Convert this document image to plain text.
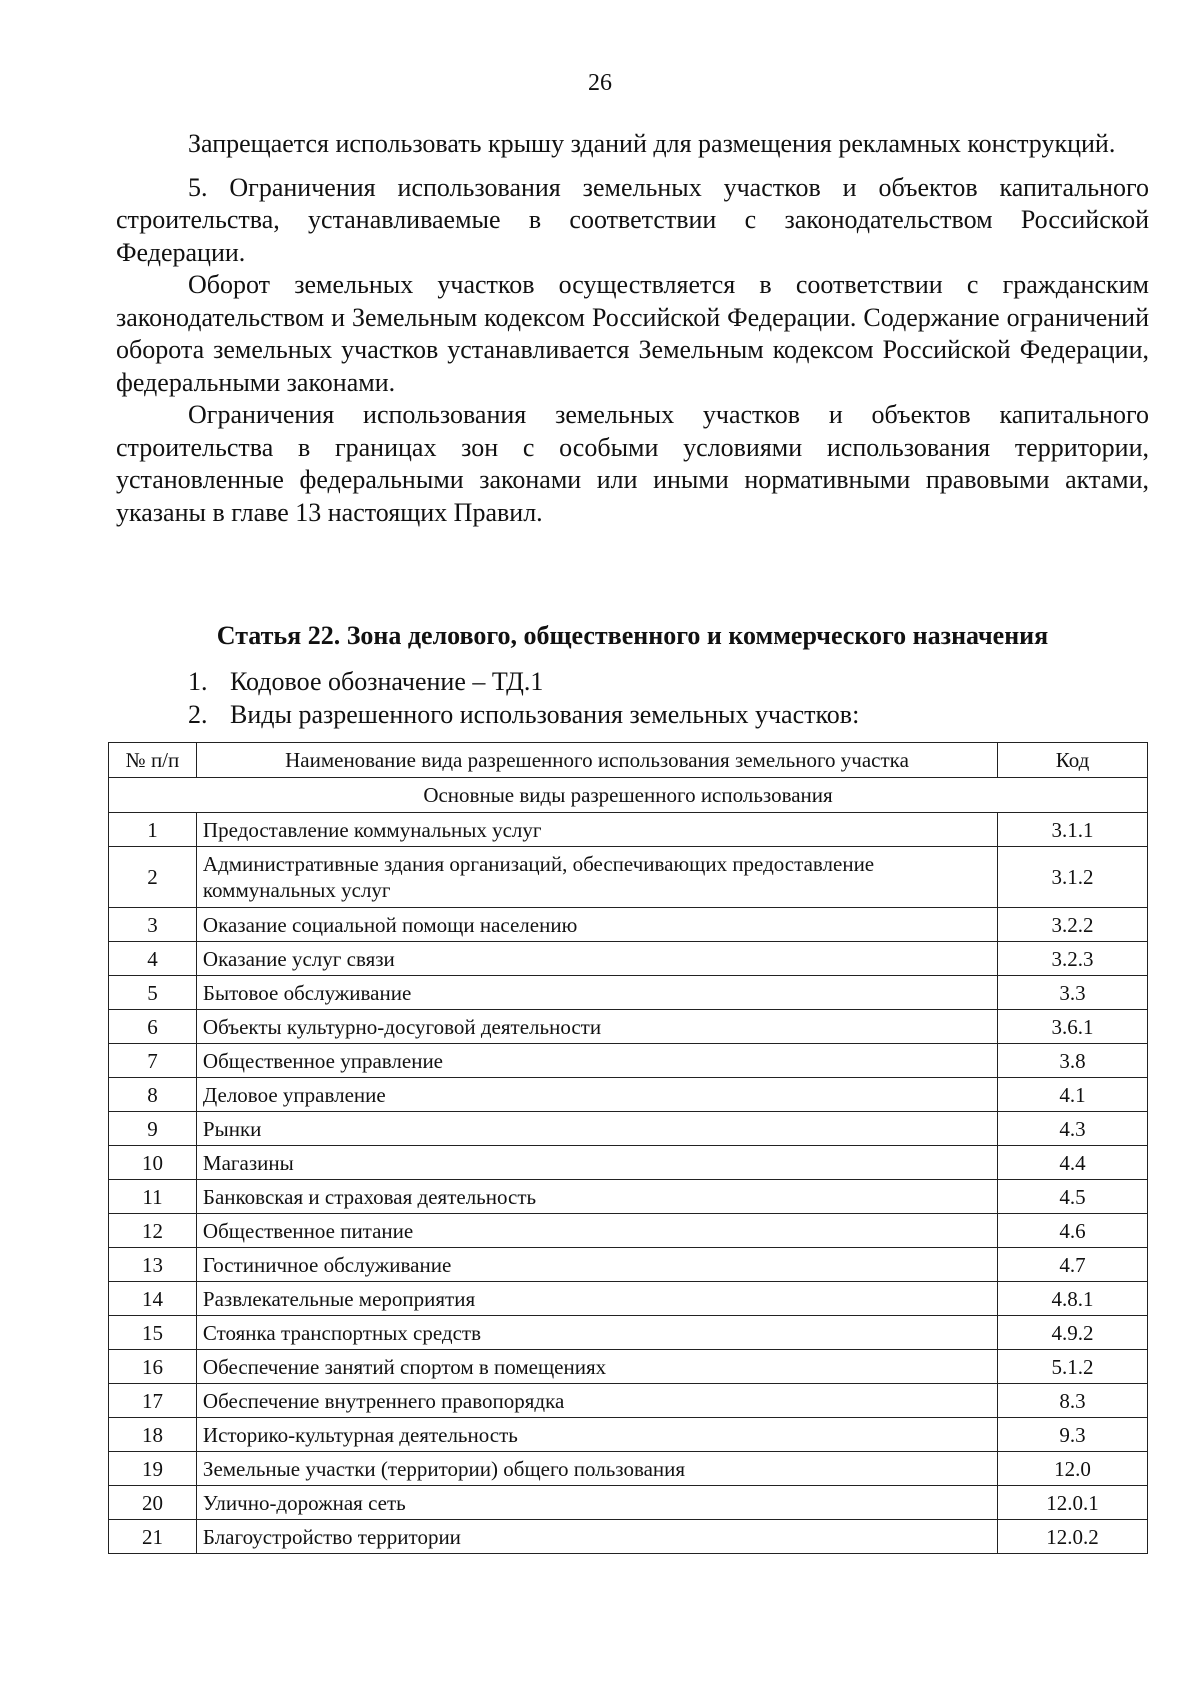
26

Запрещается использовать крышу зданий для размещения рекламных конструкций.

5. Ограничения использования земельных участков и объектов капитального строительства, устанавливаемые в соответствии с законодательством Российской Федерации.

Оборот земельных участков осуществляется в соответствии с гражданским законодательством и Земельным кодексом Российской Федерации. Содержание ограничений оборота земельных участков устанавливается Земельным кодексом Российской Федерации, федеральными законами.

Ограничения использования земельных участков и объектов капитального строительства в границах зон с особыми условиями использования территории, установленные федеральными законами или иными нормативными правовыми актами, указаны в главе 13 настоящих Правил.

Статья 22. Зона делового, общественного и коммерческого назначения
1. Кодовое обозначение – ТД.1
2. Виды разрешенного использования земельных участков:
№ п/п	Наименование вида разрешенного использования земельного участка	Код
Основные виды разрешенного использования		
1	Предоставление коммунальных услуг	3.1.1
2	Административные здания организаций, обеспечивающих предоставление коммунальных услуг	3.1.2
3	Оказание социальной помощи населению	3.2.2
4	Оказание услуг связи	3.2.3
5	Бытовое обслуживание	3.3
6	Объекты культурно-досуговой деятельности	3.6.1
7	Общественное управление	3.8
8	Деловое управление	4.1
9	Рынки	4.3
10	Магазины	4.4
11	Банковская и страховая деятельность	4.5
12	Общественное питание	4.6
13	Гостиничное обслуживание	4.7
14	Развлекательные мероприятия	4.8.1
15	Стоянка транспортных средств	4.9.2
16	Обеспечение занятий спортом в помещениях	5.1.2
17	Обеспечение внутреннего правопорядка	8.3
18	Историко-культурная деятельность	9.3
19	Земельные участки (территории) общего пользования	12.0
20	Улично-дорожная сеть	12.0.1
21	Благоустройство территории	12.0.2
